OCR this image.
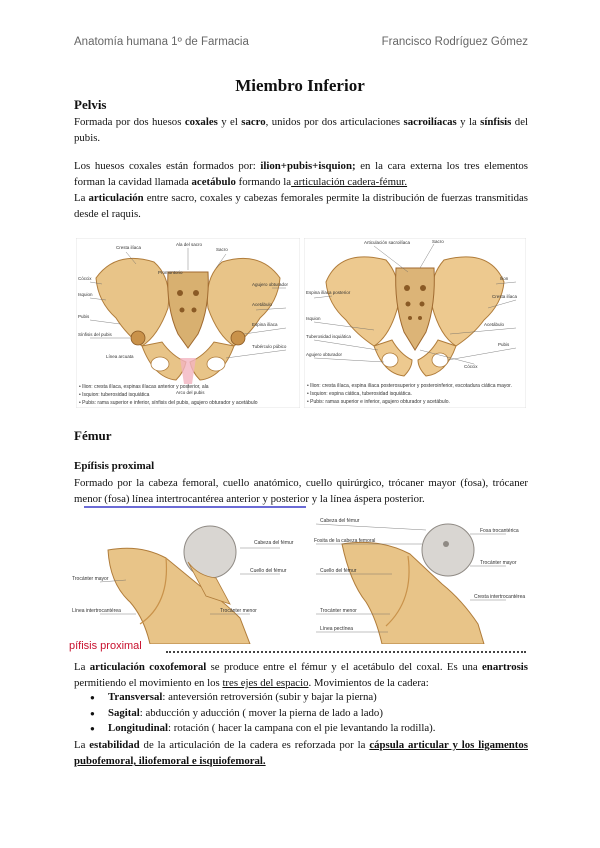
Anatomía humana 1º de Farmacia	Francisco Rodríguez Gómez
Miembro Inferior
Pelvis
Formada por dos huesos coxales y el sacro, unidos por dos articulaciones sacroilíacas y la sínfisis del pubis.
Los huesos coxales están formados por: ilion+pubis+isquion; en la cara externa los tres elementos forman la cavidad llamada acetábulo formando la articulación cadera-fémur.
La articulación entre sacro, coxales y cabezas femorales permite la distribución de fuerzas transmitidas desde el raquis.
Cresta ilíaca
Ala del sacro
Sacro
Promontorio
Cóccix
Isquion
Pubis
Sínfisis del pubis
Agujero obturador
Acetábulo
Espina ilíaca
Tubérculo púbico
Arco del pubis
Línea arcuata
• Ilion: cresta ilíaca, espinas ilíacas anterior y posterior, ala
• Isquion: tuberosidad isquiática
• Pubis: rama superior e inferior, sínfisis del pubis, agujero obturador y acetábulo
Articulación sacroilíaca	Sacro
Ilion
Espina ilíaca posterior
Cresta ilíaca
Acetábulo
Isquion
Tuberosidad isquiática
Pubis
Agujero obturador
Cóccix
• Ilion: cresta ilíaca, espina ilíaca posterosuperior y posteroinferior, escotadura ciática mayor.
• Isquion: espina ciática, tuberosidad isquiática.
• Pubis: ramas superior e inferior, agujero obturador y acetábulo.
Fémur
Epífisis proximal
Formado por la cabeza femoral, cuello anatómico, cuello quirúrgico, trócaner mayor (fosa), trócaner menor (fosa) línea intertrocantérea anterior y posterior y la línea áspera posterior.
Cabeza del fémur
Trocánter mayor
Cuello del fémur
Línea intertrocantérea	Trocánter menor
Cabeza del fémur
Fosita de la cabeza femoral
Fosa trocantérica
Trocánter mayor
Cuello del fémur
Cresta intertrocantérea
Trocánter menor
Línea pectínea
pífisis proximal
La articulación coxofemoral se produce entre el fémur y el acetábulo del coxal. Es una enartrosis permitiendo el movimiento en los tres ejes del espacio. Movimientos de la cadera:
● Transversal: anteversión retroversión (subir y bajar la pierna)
● Sagital: abducción y aducción ( mover la pierna de lado a lado)
● Longitudinal: rotación ( hacer la campana con el pie levantando la rodilla).
La estabilidad de la articulación de la cadera es reforzada por la cápsula articular y los ligamentos pubofemoral, iliofemoral e isquiofemoral.
